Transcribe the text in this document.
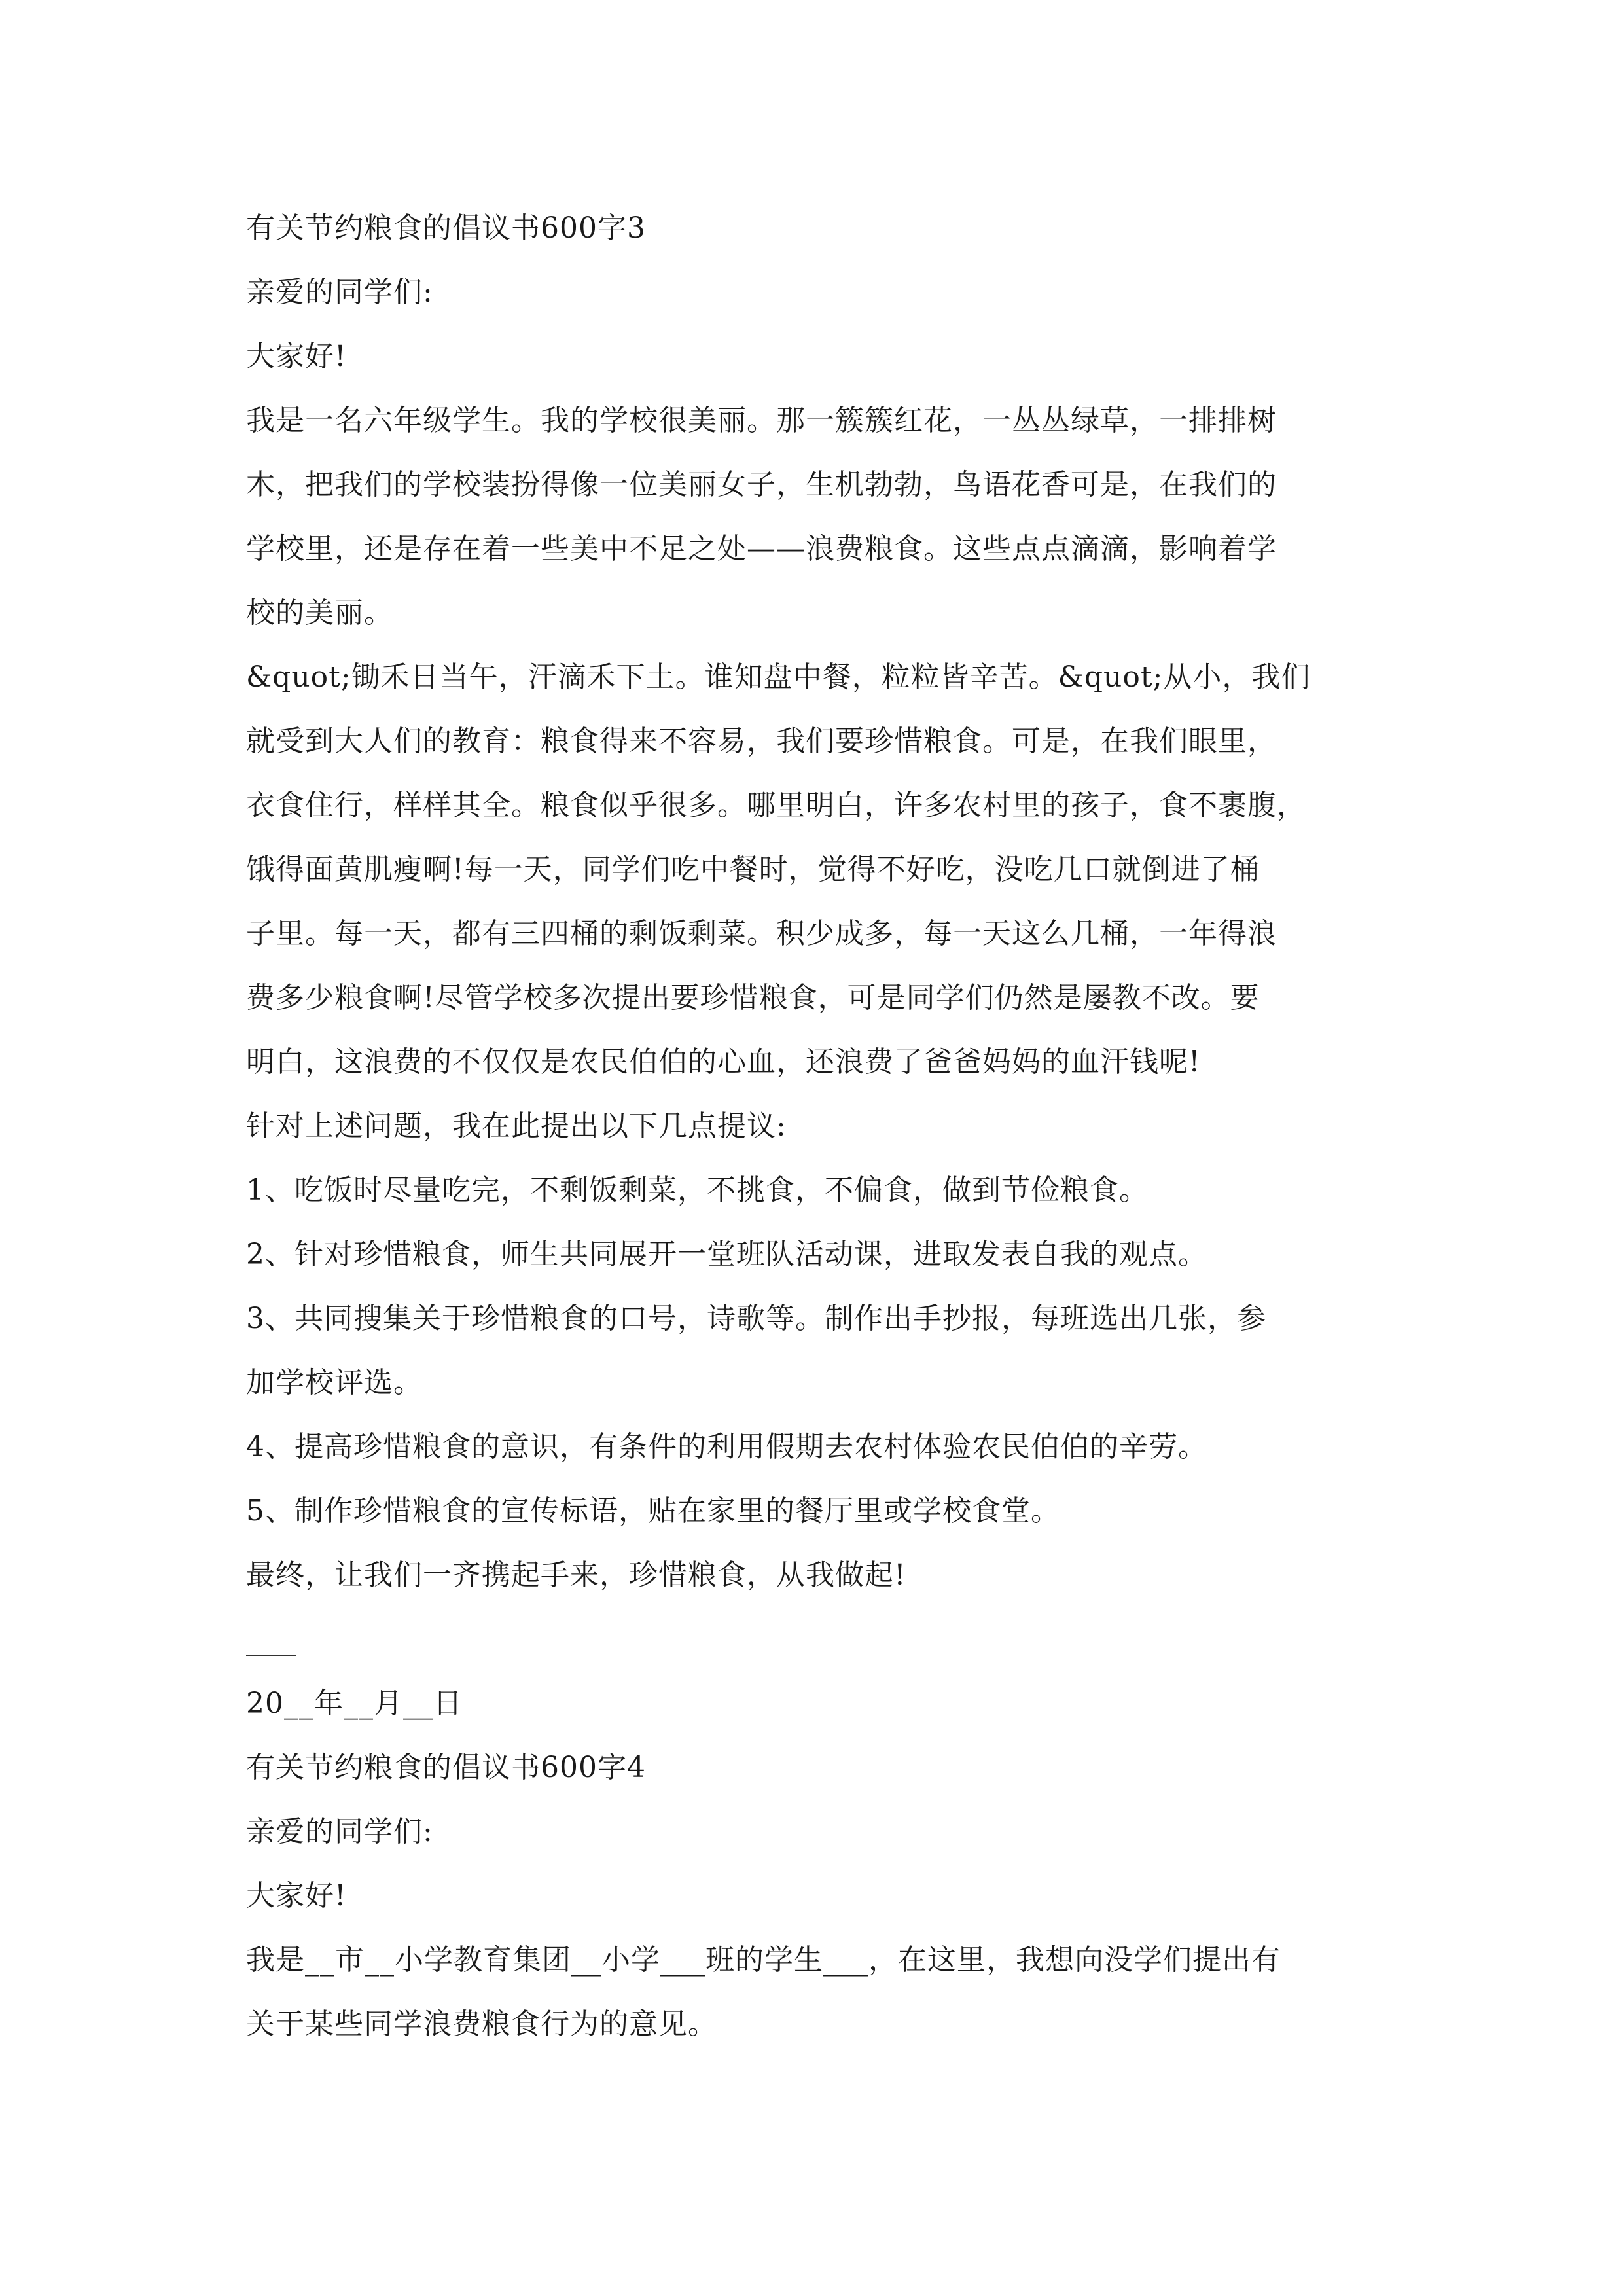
有关节约粮食的倡议书600字3
亲爱的同学们:
大家好!
我是一名六年级学生。我的学校很美丽。那一簇簇红花，一丛丛绿草，一排排树
木，把我们的学校装扮得像一位美丽女子，生机勃勃，鸟语花香可是，在我们的
学校里，还是存在着一些美中不足之处——浪费粮食。这些点点滴滴，影响着学
校的美丽。
&quot;锄禾日当午，汗滴禾下土。谁知盘中餐，粒粒皆辛苦。&quot;从小，我们
就受到大人们的教育：粮食得来不容易，我们要珍惜粮食。可是，在我们眼里，
衣食住行，样样其全。粮食似乎很多。哪里明白，许多农村里的孩子，食不裹腹，
饿得面黄肌瘦啊!每一天，同学们吃中餐时，觉得不好吃，没吃几口就倒进了桶
子里。每一天，都有三四桶的剩饭剩菜。积少成多，每一天这么几桶，一年得浪
费多少粮食啊!尽管学校多次提出要珍惜粮食，可是同学们仍然是屡教不改。要
明白，这浪费的不仅仅是农民伯伯的心血，还浪费了爸爸妈妈的血汗钱呢!
针对上述问题，我在此提出以下几点提议:
1、吃饭时尽量吃完，不剩饭剩菜，不挑食，不偏食，做到节俭粮食。
2、针对珍惜粮食，师生共同展开一堂班队活动课，进取发表自我的观点。
3、共同搜集关于珍惜粮食的口号，诗歌等。制作出手抄报，每班选出几张，参
加学校评选。
4、提高珍惜粮食的意识，有条件的利用假期去农村体验农民伯伯的辛劳。
5、制作珍惜粮食的宣传标语，贴在家里的餐厅里或学校食堂。
最终，让我们一齐携起手来，珍惜粮食，从我做起!
20__年__月__日
有关节约粮食的倡议书600字4
亲爱的同学们:
大家好!
我是__市__小学教育集团__小学___班的学生___，在这里，我想向没学们提出有
关于某些同学浪费粮食行为的意见。
